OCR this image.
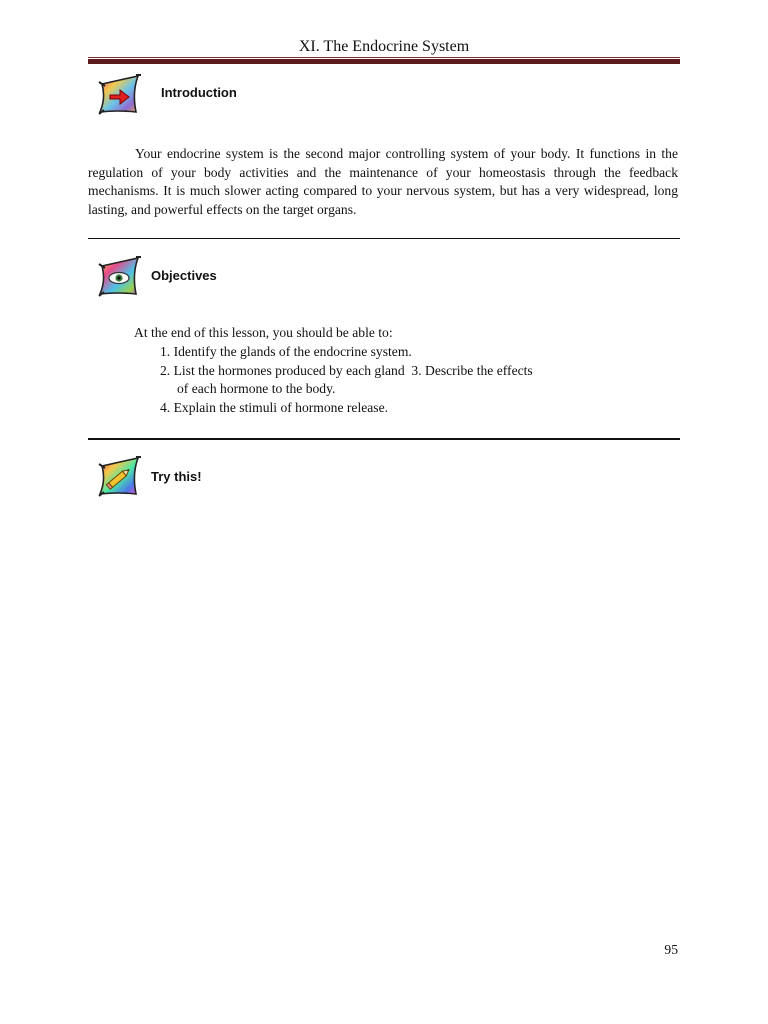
XI. The Endocrine System
Introduction

Your endocrine system is the second major controlling system of your body. It functions in the regulation of your body activities and the maintenance of your homeostasis through the feedback mechanisms. It is much slower acting compared to your nervous system, but has a very widespread, long lasting, and powerful effects on the target organs.

Objectives
At the end of this lesson, you should be able to:
1. Identify the glands of the endocrine system.
2. List the hormones produced by each gland  3. Describe the effects
of each hormone to the body.
4. Explain the stimuli of hormone release.
Try this!
95
